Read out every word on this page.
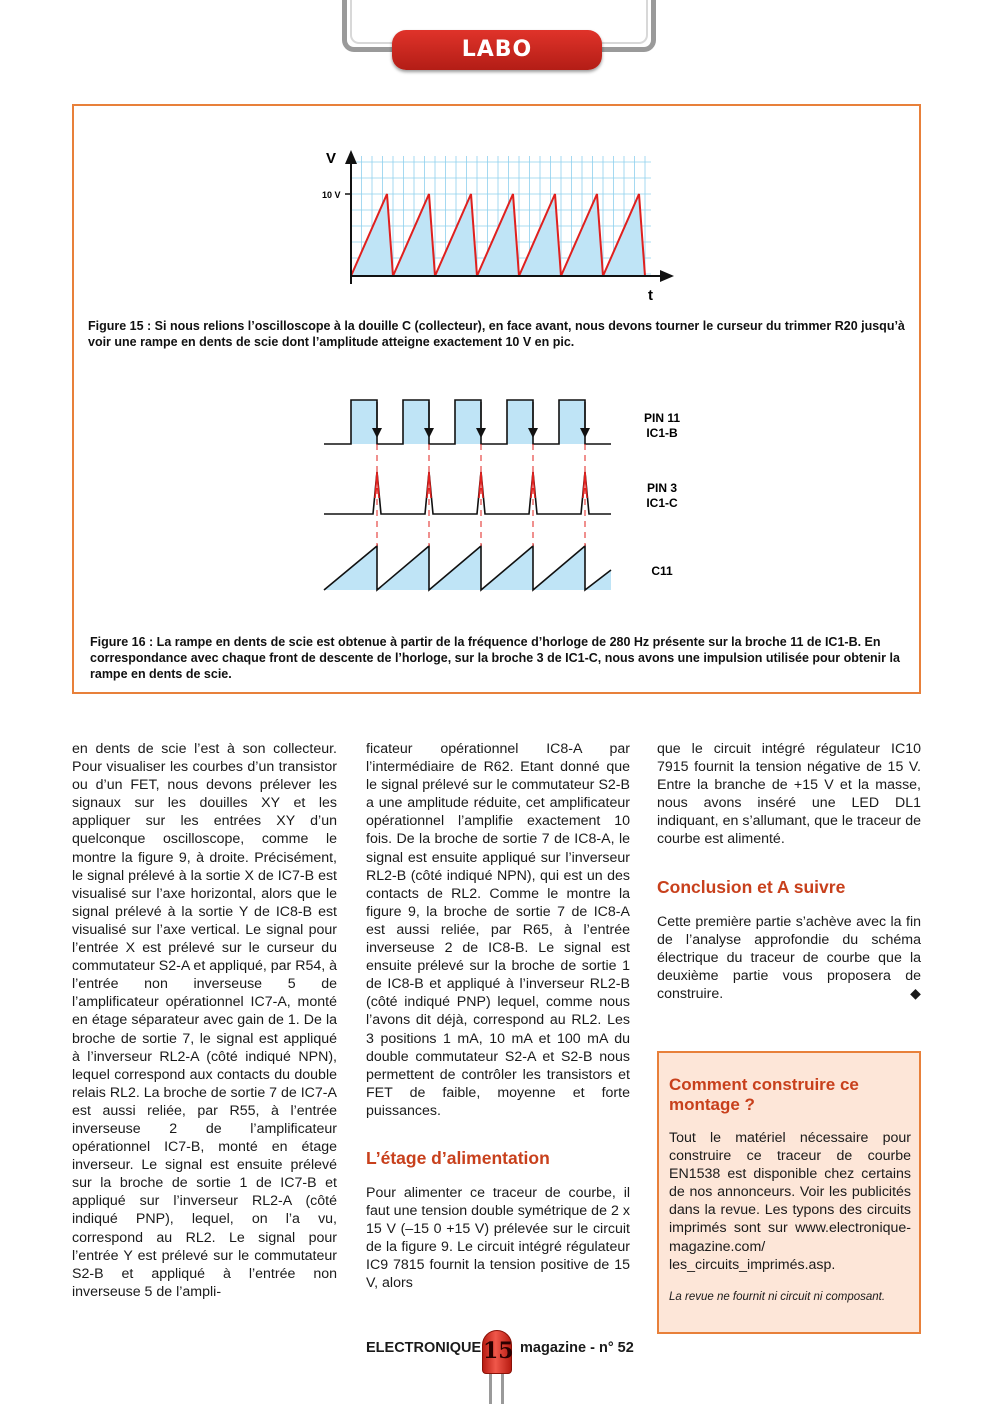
LABO
V
10 V
t
PIN 11
IC1-B
PIN 3
IC1-C
C11
Figure 15 : Si nous relions l’oscilloscope à la douille C (collecteur), en face avant, nous devons tourner le curseur du trimmer R20 jusqu’à voir une rampe en dents de scie dont l’amplitude atteigne exactement 10 V en pic.
Figure 16 : La rampe en dents de scie est obtenue à partir de la fréquence d’horloge de 280 Hz présente sur la broche 11 de IC1-B. En correspondance avec chaque front de descente de l’horloge, sur la broche 3 de IC1-C, nous avons une impulsion utilisée pour obtenir la rampe en dents de scie.

en dents de scie l’est à son collecteur. Pour visualiser les courbes d’un transistor ou d’un FET, nous devons prélever les signaux sur les douilles XY et les appliquer sur les entrées XY d’un quelconque oscilloscope, comme le montre la figure 9, à droite. Précisément, le signal prélevé à la sortie X de IC7-B est visualisé sur l’axe horizontal, alors que le signal prélevé à la sortie Y de IC8-B est visualisé sur l’axe vertical. Le signal pour l’entrée X est prélevé sur le curseur du commutateur S2-A et appliqué, par R54, à l’entrée non inverseuse 5 de l’amplificateur opérationnel IC7-A, monté en étage séparateur avec gain de 1. De la broche de sortie 7, le signal est appliqué à l’inverseur RL2-A (côté indiqué NPN), lequel correspond aux contacts du double relais RL2. La broche de sortie 7 de IC7-A est aussi reliée, par R55, à l’entrée inverseuse 2 de l’amplificateur opérationnel IC7-B, monté en étage inverseur. Le signal est ensuite prélevé sur la broche de sortie 1 de IC7-B et appliqué sur l’inverseur RL2-A (côté indiqué PNP), lequel, on l’a vu, correspond au RL2. Le signal pour l’entrée Y est prélevé sur le commutateur S2-B et appliqué à l’entrée non inverseuse 5 de l’ampli-

ficateur opérationnel IC8-A par l’intermédiaire de R62. Etant donné que le signal prélevé sur le commutateur S2-B a une amplitude réduite, cet amplificateur opérationnel l’amplifie exactement 10 fois. De la broche de sortie 7 de IC8-A, le signal est ensuite appliqué sur l’inverseur RL2-B (côté indiqué NPN), qui est un des contacts de RL2. Comme le montre la figure 9, la broche de sortie 7 de IC8-A est aussi reliée, par R65, à l’entrée inverseuse 2 de IC8-B. Le signal est ensuite prélevé sur la broche de sortie 1 de IC8-B et appliqué à l’inverseur RL2-B (côté indiqué PNP) lequel, comme nous l’avons dit déjà, correspond au RL2. Les 3 positions 1 mA, 10 mA et 100 mA du double commutateur S2-A et S2-B nous permettent de contrôler les transistors et FET de faible, moyenne et forte puissances.

L’étage d’alimentation

Pour alimenter ce traceur de courbe, il faut une tension double symétrique de 2 x 15 V (–15 0 +15 V) prélevée sur le circuit de la figure 9. Le circuit intégré régulateur IC9 7815 fournit la tension positive de 15 V, alors

que le circuit intégré régulateur IC10 7915 fournit la tension négative de 15 V. Entre la branche de +15 V et la masse, nous avons inséré une LED DL1 indiquant, en s’allumant, que le traceur de courbe est alimenté.

Conclusion et A suivre

Cette première partie s’achève avec la fin de l’analyse approfondie du schéma électrique du traceur de courbe que la deuxième partie vous proposera de construire.	◆

Comment construire ce montage ?

Tout le matériel nécessaire pour construire ce traceur de courbe EN1538 est disponible chez certains de nos annonceurs. Voir les publicités dans la revue. Les typons des circuits imprimés sont sur www.electronique-magazine.com/ les_circuits_imprimés.asp.

La revue ne fournit ni circuit ni composant.

ELECTRONIQUE 15 magazine - n° 52
